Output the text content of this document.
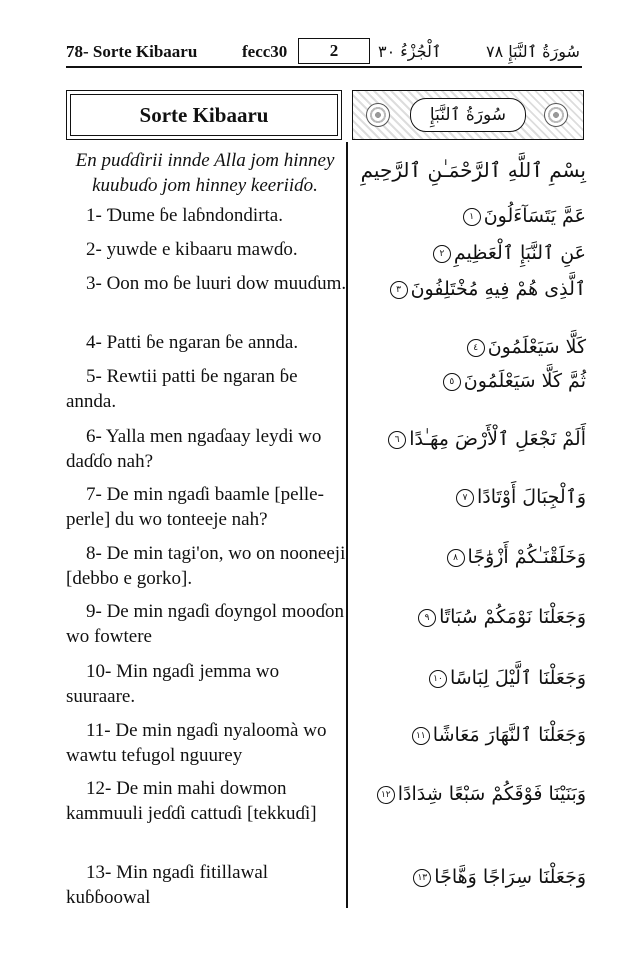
78- Sorte Kibaaru	fecc30	2	ٱلْجُزْءُ ٣٠	سُورَةُ ٱلنَّبَإِ ٧٨
Sorte Kibaaru	سُورَةُ ٱلنَّبَإِ
En puɗɗirii innde Alla jom hinney kuubuɗo jom hinney keeriiɗo.
بِسْمِ ٱللَّهِ ٱلرَّحْمَـٰنِ ٱلرَّحِيمِ
1- Ɗume ɓe laɓndondirta.
2- yuwde e kibaaru mawɗo.
3- Oon mo ɓe luuri dow muuɗum.
4- Patti ɓe ngaran ɓe annda.
5- Rewtii patti ɓe ngaran ɓe annda.
6- Yalla men ngaɗaay leydi wo daɗɗo nah?
7- De min ngaɗi baamle [pelle-perle] du wo tonteeje nah?
8- De min tagi'on, wo on nooneeji [debbo e gorko].
9- De min ngaɗi ɗoyngol mooɗon wo fowtere
10- Min ngaɗi jemma wo suuraare.
11- De min ngaɗi nyaloomà wo wawtu tefugol nguurey
12- De min mahi dowmon kammuuli jeɗɗi cattuɗi [tekkuɗi]
13- Min ngaɗi fitillawal kuɓɓoowal
عَمَّ يَتَسَآءَلُونَ١
عَنِ ٱلنَّبَإِ ٱلْعَظِيمِ٢
ٱلَّذِى هُمْ فِيهِ مُخْتَلِفُونَ٣
كَلَّا سَيَعْلَمُونَ٤
ثُمَّ كَلَّا سَيَعْلَمُونَ٥
أَلَمْ نَجْعَلِ ٱلْأَرْضَ مِهَـٰدًا٦
وَٱلْجِبَالَ أَوْتَادًا٧
وَخَلَقْنَـٰكُمْ أَزْوَٰجًا٨
وَجَعَلْنَا نَوْمَكُمْ سُبَاتًا٩
وَجَعَلْنَا ٱلَّيْلَ لِبَاسًا١٠
وَجَعَلْنَا ٱلنَّهَارَ مَعَاشًا١١
وَبَنَيْنَا فَوْقَكُمْ سَبْعًا شِدَادًا١٢
وَجَعَلْنَا سِرَاجًا وَهَّاجًا١٣
